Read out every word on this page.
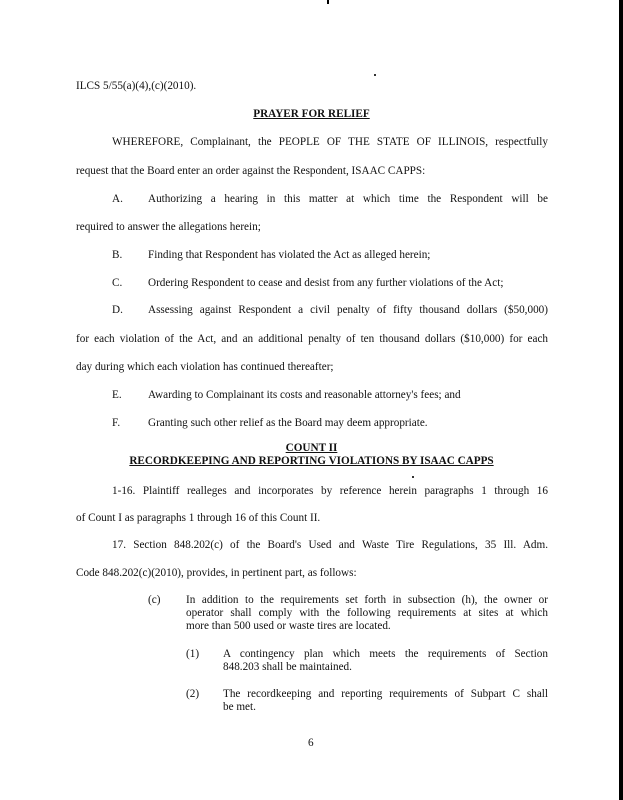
ILCS 5/55(a)(4),(c)(2010).
PRAYER FOR RELIEF
WHEREFORE, Complainant, the PEOPLE OF THE STATE OF ILLINOIS, respectfully
request that the Board enter an order against the Respondent, ISAAC CAPPS:
A. Authorizing a hearing in this matter at which time the Respondent will be
required to answer the allegations herein;
B. Finding that Respondent has violated the Act as alleged herein;
C. Ordering Respondent to cease and desist from any further violations of the Act;
D. Assessing against Respondent a civil penalty of fifty thousand dollars ($50,000)
for each violation of the Act, and an additional penalty of ten thousand dollars ($10,000) for each
day during which each violation has continued thereafter;
E. Awarding to Complainant its costs and reasonable attorney's fees; and
F. Granting such other relief as the Board may deem appropriate.
COUNT II
RECORDKEEPING AND REPORTING VIOLATIONS BY ISAAC CAPPS
1-16. Plaintiff realleges and incorporates by reference herein paragraphs 1 through 16
of Count I as paragraphs 1 through 16 of this Count II.
17. Section 848.202(c) of the Board's Used and Waste Tire Regulations, 35 Ill. Adm.
Code 848.202(c)(2010), provides, in pertinent part, as follows:
(c) In addition to the requirements set forth in subsection (h), the owner or
operator shall comply with the following requirements at sites at which
more than 500 used or waste tires are located.
(1) A contingency plan which meets the requirements of Section
848.203 shall be maintained.
(2) The recordkeeping and reporting requirements of Subpart C shall
be met.
6
